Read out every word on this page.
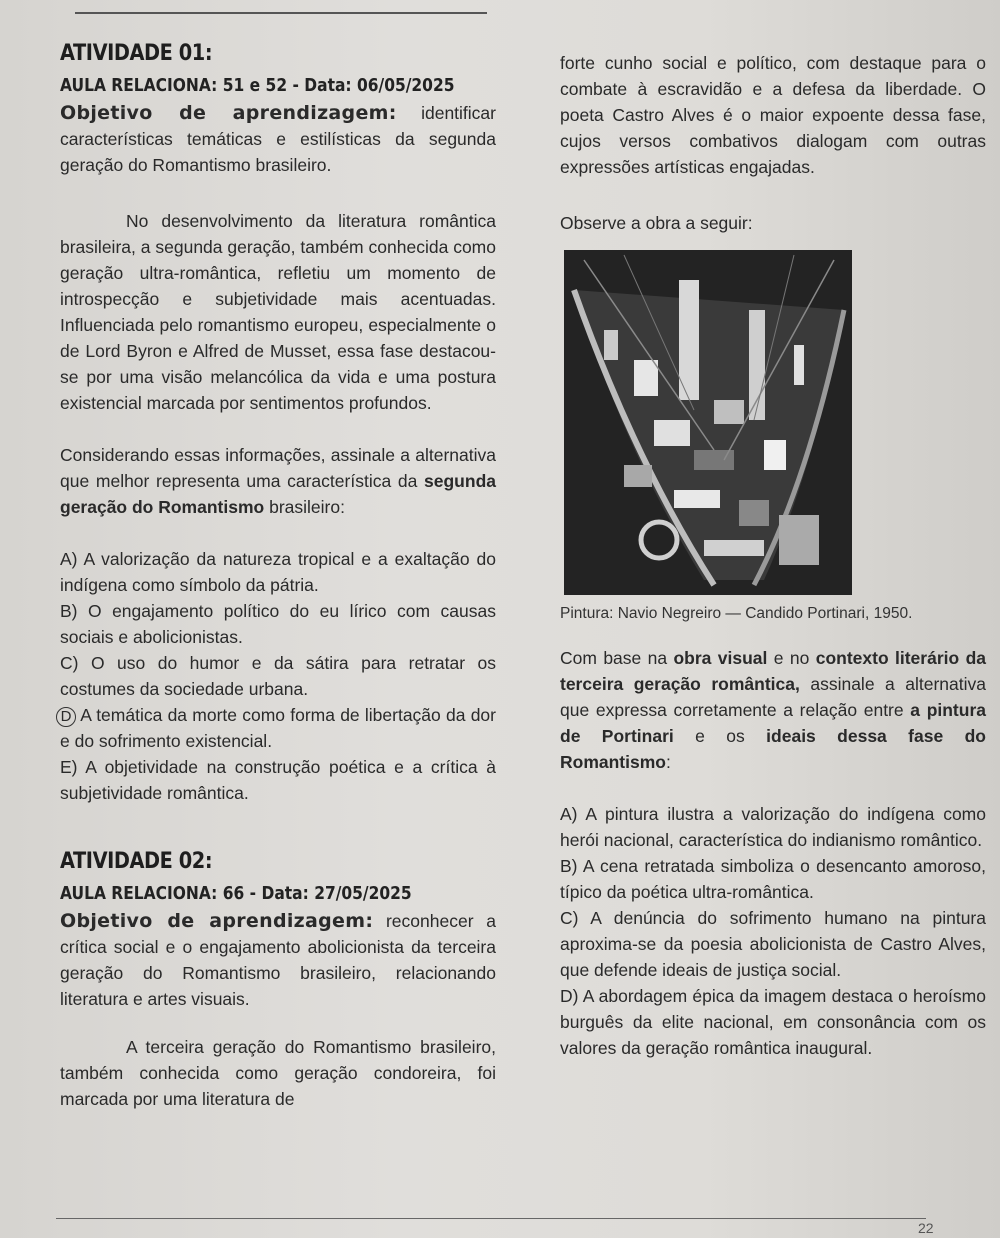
ATIVIDADE 01:
AULA RELACIONA: 51 e 52 - Data: 06/05/2025

Objetivo de aprendizagem: identificar características temáticas e estilísticas da segunda geração do Romantismo brasileiro.

No desenvolvimento da literatura romântica brasileira, a segunda geração, também conhecida como geração ultra-romântica, refletiu um momento de introspecção e subjetividade mais acentuadas. Influenciada pelo romantismo europeu, especialmente o de Lord Byron e Alfred de Musset, essa fase destacou-se por uma visão melancólica da vida e uma postura existencial marcada por sentimentos profundos.

Considerando essas informações, assinale a alternativa que melhor representa uma característica da segunda geração do Romantismo brasileiro:

A) A valorização da natureza tropical e a exaltação do indígena como símbolo da pátria.

B) O engajamento político do eu lírico com causas sociais e abolicionistas.

C) O uso do humor e da sátira para retratar os costumes da sociedade urbana.

D A temática da morte como forma de libertação da dor e do sofrimento existencial.

E) A objetividade na construção poética e a crítica à subjetividade romântica.

ATIVIDADE 02:
AULA RELACIONA: 66 - Data: 27/05/2025

Objetivo de aprendizagem: reconhecer a crítica social e o engajamento abolicionista da terceira geração do Romantismo brasileiro, relacionando literatura e artes visuais.

A terceira geração do Romantismo brasileiro, também conhecida como geração condoreira, foi marcada por uma literatura de

forte cunho social e político, com destaque para o combate à escravidão e a defesa da liberdade. O poeta Castro Alves é o maior expoente dessa fase, cujos versos combativos dialogam com outras expressões artísticas engajadas.

Observe a obra a seguir:

Pintura: Navio Negreiro — Candido Portinari, 1950.

Com base na obra visual e no contexto literário da terceira geração romântica, assinale a alternativa que expressa corretamente a relação entre a pintura de Portinari e os ideais dessa fase do Romantismo:

A) A pintura ilustra a valorização do indígena como herói nacional, característica do indianismo romântico.

B) A cena retratada simboliza o desencanto amoroso, típico da poética ultra-romântica.

C) A denúncia do sofrimento humano na pintura aproxima-se da poesia abolicionista de Castro Alves, que defende ideais de justiça social.

D) A abordagem épica da imagem destaca o heroísmo burguês da elite nacional, em consonância com os valores da geração romântica inaugural.

22
